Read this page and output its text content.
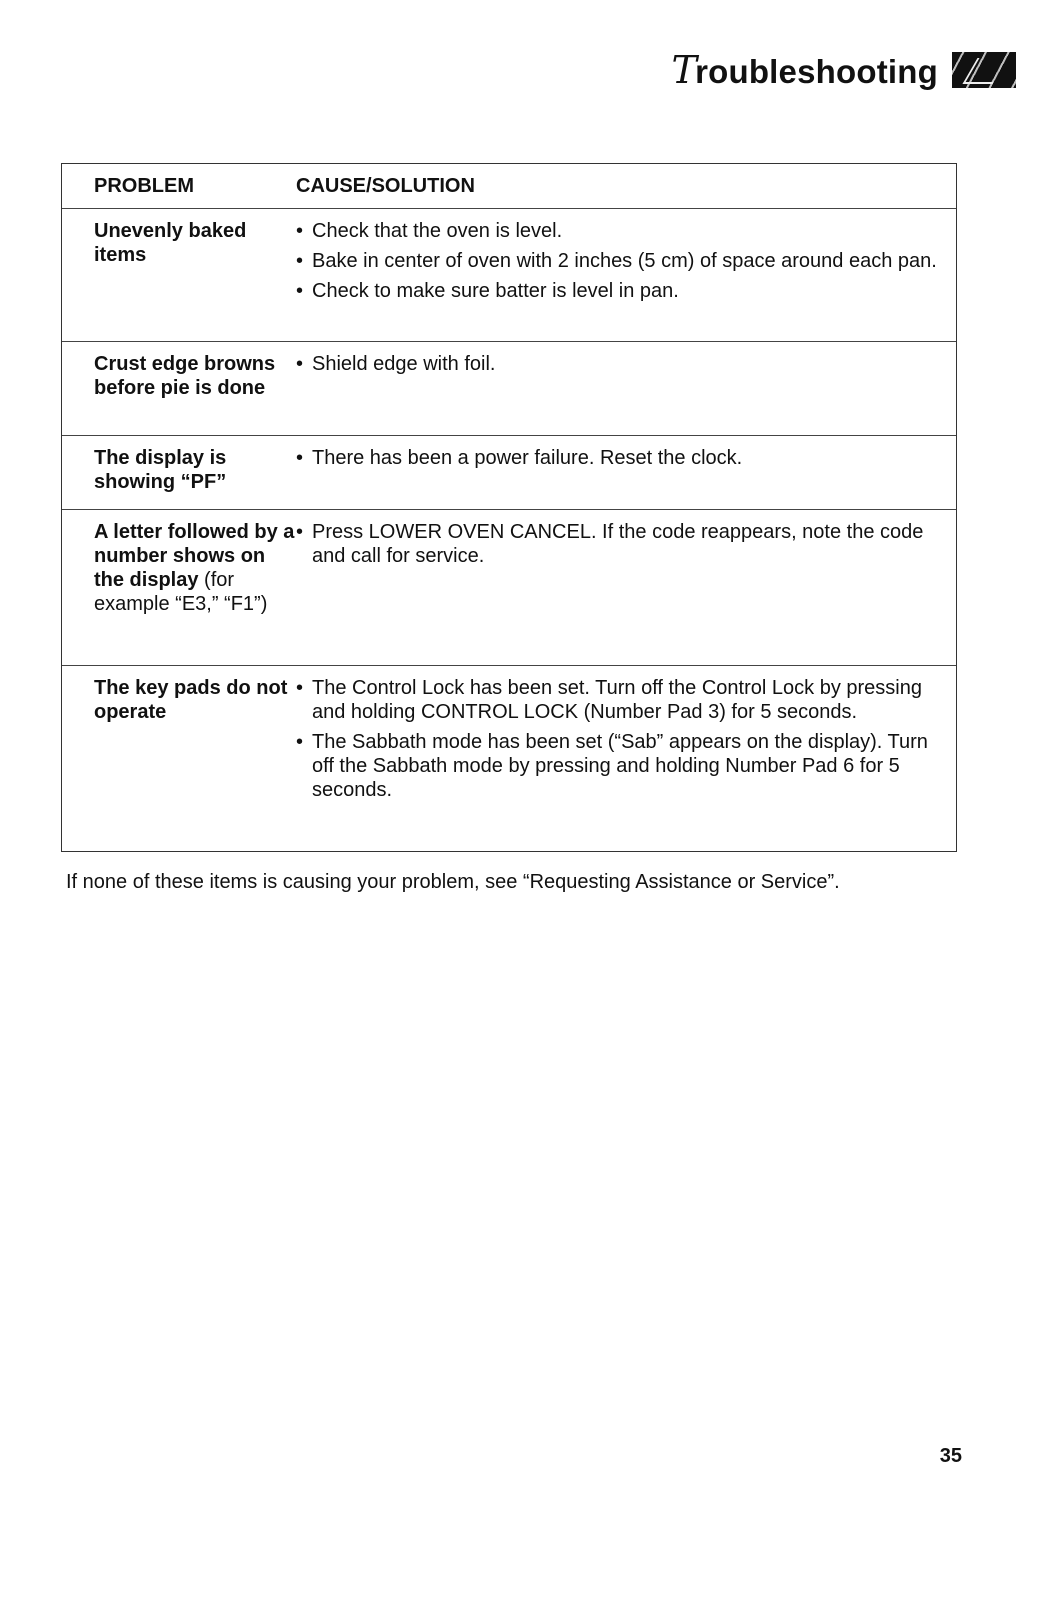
Troubleshooting
PROBLEM	CAUSE/SOLUTION
Unevenly baked items
• Check that the oven is level.
• Bake in center of oven with 2 inches (5 cm) of space around each pan.
• Check to make sure batter is level in pan.
Crust edge browns before pie is done
• Shield edge with foil.
The display is showing “PF”
• There has been a power failure. Reset the clock.
A letter followed by a number shows on the display (for example “E3,” “F1”)
• Press LOWER OVEN CANCEL. If the code reappears, note the code and call for service.
The key pads do not operate
• The Control Lock has been set. Turn off the Control Lock by pressing and holding CONTROL LOCK (Number Pad 3) for 5 seconds.
• The Sabbath mode has been set (“Sab” appears on the display). Turn off the Sabbath mode by pressing and holding Number Pad 6 for 5 seconds.
If none of these items is causing your problem, see “Requesting Assistance or Service”.
35
